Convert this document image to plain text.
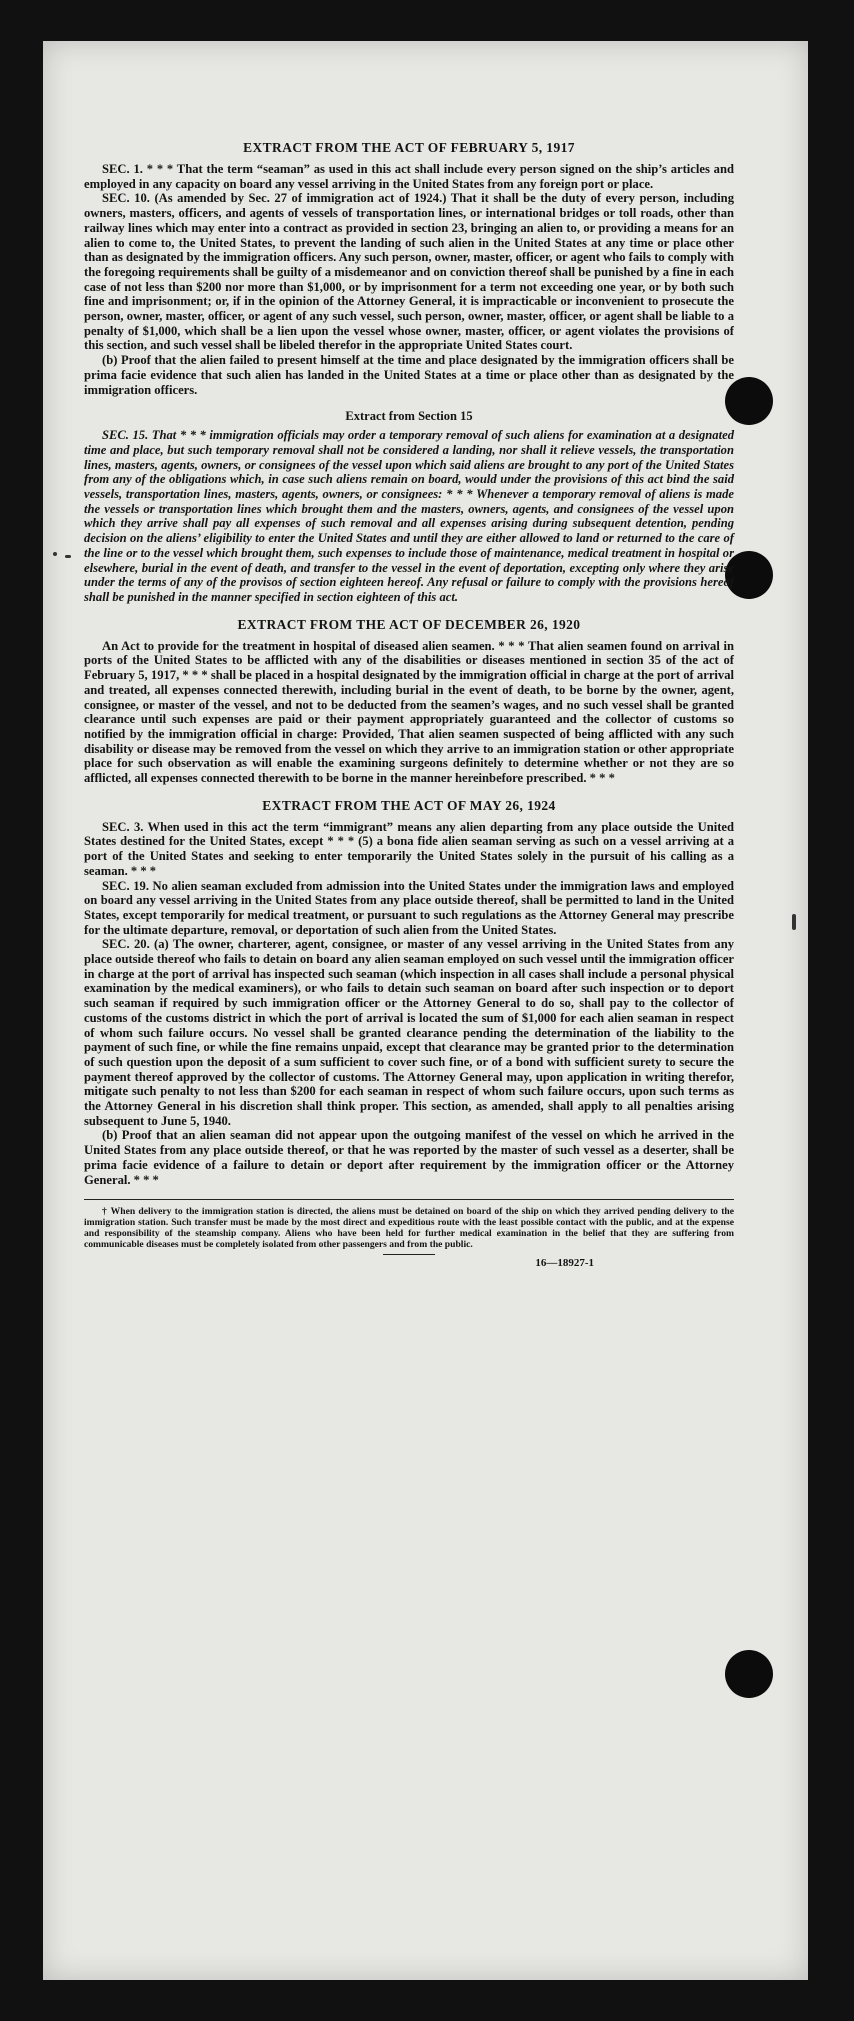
EXTRACT FROM THE ACT OF FEBRUARY 5, 1917

SEC. 1. * * * That the term “seaman” as used in this act shall include every person signed on the ship’s articles and employed in any capacity on board any vessel arriving in the United States from any foreign port or place.

SEC. 10. (As amended by Sec. 27 of immigration act of 1924.) That it shall be the duty of every person, including owners, masters, officers, and agents of vessels of transportation lines, or international bridges or toll roads, other than railway lines which may enter into a contract as provided in section 23, bringing an alien to, or providing a means for an alien to come to, the United States, to prevent the landing of such alien in the United States at any time or place other than as designated by the immigration officers. Any such person, owner, master, officer, or agent who fails to comply with the foregoing requirements shall be guilty of a misdemeanor and on conviction thereof shall be punished by a fine in each case of not less than $200 nor more than $1,000, or by imprisonment for a term not exceeding one year, or by both such fine and imprisonment; or, if in the opinion of the Attorney General, it is impracticable or inconvenient to prosecute the person, owner, master, officer, or agent of any such vessel, such person, owner, master, officer, or agent shall be liable to a penalty of $1,000, which shall be a lien upon the vessel whose owner, master, officer, or agent violates the provisions of this section, and such vessel shall be libeled therefor in the appropriate United States court.

(b) Proof that the alien failed to present himself at the time and place designated by the immigration officers shall be prima facie evidence that such alien has landed in the United States at a time or place other than as designated by the immigration officers.

Extract from Section 15

SEC. 15. That * * * immigration officials may order a temporary removal of such aliens for examination at a designated time and place, but such temporary removal shall not be considered a landing, nor shall it relieve vessels, the transportation lines, masters, agents, owners, or consignees of the vessel upon which said aliens are brought to any port of the United States from any of the obligations which, in case such aliens remain on board, would under the provisions of this act bind the said vessels, transportation lines, masters, agents, owners, or consignees: * * * Whenever a temporary removal of aliens is made the vessels or transportation lines which brought them and the masters, owners, agents, and consignees of the vessel upon which they arrive shall pay all expenses of such removal and all expenses arising during subsequent detention, pending decision on the aliens’ eligibility to enter the United States and until they are either allowed to land or returned to the care of the line or to the vessel which brought them, such expenses to include those of maintenance, medical treatment in hospital or elsewhere, burial in the event of death, and transfer to the vessel in the event of deportation, excepting only where they arise under the terms of any of the provisos of section eighteen hereof. Any refusal or failure to comply with the provisions hereof shall be punished in the manner specified in section eighteen of this act.

EXTRACT FROM THE ACT OF DECEMBER 26, 1920

An Act to provide for the treatment in hospital of diseased alien seamen. * * * That alien seamen found on arrival in ports of the United States to be afflicted with any of the disabilities or diseases mentioned in section 35 of the act of February 5, 1917, * * * shall be placed in a hospital designated by the immigration official in charge at the port of arrival and treated, all expenses connected therewith, including burial in the event of death, to be borne by the owner, agent, consignee, or master of the vessel, and not to be deducted from the seamen’s wages, and no such vessel shall be granted clearance until such expenses are paid or their payment appropriately guaranteed and the collector of customs so notified by the immigration official in charge: Provided, That alien seamen suspected of being afflicted with any such disability or disease may be removed from the vessel on which they arrive to an immigration station or other appropriate place for such observation as will enable the examining surgeons definitely to determine whether or not they are so afflicted, all expenses connected therewith to be borne in the manner hereinbefore prescribed. * * *

EXTRACT FROM THE ACT OF MAY 26, 1924

SEC. 3. When used in this act the term “immigrant” means any alien departing from any place outside the United States destined for the United States, except * * * (5) a bona fide alien seaman serving as such on a vessel arriving at a port of the United States and seeking to enter temporarily the United States solely in the pursuit of his calling as a seaman. * * *

SEC. 19. No alien seaman excluded from admission into the United States under the immigration laws and employed on board any vessel arriving in the United States from any place outside thereof, shall be permitted to land in the United States, except temporarily for medical treatment, or pursuant to such regulations as the Attorney General may prescribe for the ultimate departure, removal, or deportation of such alien from the United States.

SEC. 20. (a) The owner, charterer, agent, consignee, or master of any vessel arriving in the United States from any place outside thereof who fails to detain on board any alien seaman employed on such vessel until the immigration officer in charge at the port of arrival has inspected such seaman (which inspection in all cases shall include a personal physical examination by the medical examiners), or who fails to detain such seaman on board after such inspection or to deport such seaman if required by such immigration officer or the Attorney General to do so, shall pay to the collector of customs of the customs district in which the port of arrival is located the sum of $1,000 for each alien seaman in respect of whom such failure occurs. No vessel shall be granted clearance pending the determination of the liability to the payment of such fine, or while the fine remains unpaid, except that clearance may be granted prior to the determination of such question upon the deposit of a sum sufficient to cover such fine, or of a bond with sufficient surety to secure the payment thereof approved by the collector of customs. The Attorney General may, upon application in writing therefor, mitigate such penalty to not less than $200 for each seaman in respect of whom such failure occurs, upon such terms as the Attorney General in his discretion shall think proper. This section, as amended, shall apply to all penalties arising subsequent to June 5, 1940.

(b) Proof that an alien seaman did not appear upon the outgoing manifest of the vessel on which he arrived in the United States from any place outside thereof, or that he was reported by the master of such vessel as a deserter, shall be prima facie evidence of a failure to detain or deport after requirement by the immigration officer or the Attorney General. * * *

† When delivery to the immigration station is directed, the aliens must be detained on board of the ship on which they arrived pending delivery to the immigration station. Such transfer must be made by the most direct and expeditious route with the least possible contact with the public, and at the expense and responsibility of the steamship company. Aliens who have been held for further medical examination in the belief that they are suffering from communicable diseases must be completely isolated from other passengers and from the public.

16—18927-1
